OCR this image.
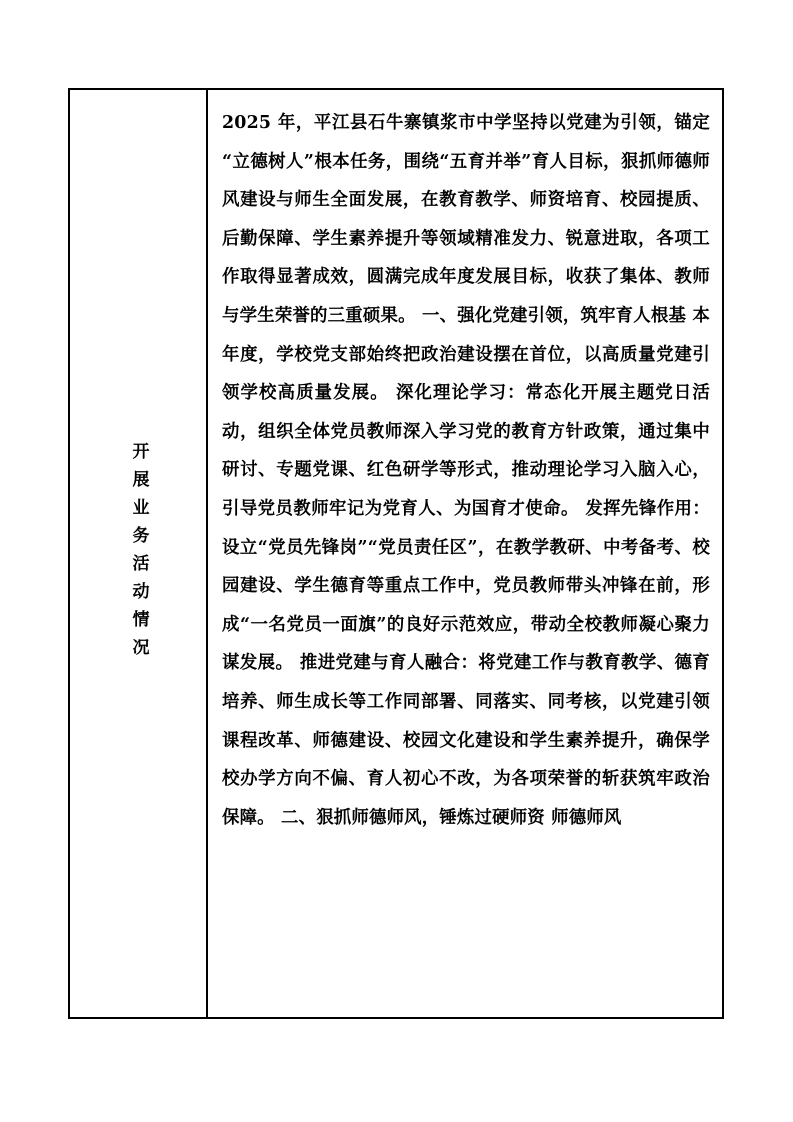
开展业务活动情况

2025 年，平江县石牛寨镇浆市中学坚持以党建为引领，锚定“立德树人”根本任务，围绕“五育并举”育人目标，狠抓师德师风建设与师生全面发展，在教育教学、师资培育、校园提质、后勤保障、学生素养提升等领域精准发力、锐意进取，各项工作取得显著成效，圆满完成年度发展目标，收获了集体、教师与学生荣誉的三重硕果。 一、强化党建引领，筑牢育人根基 本年度，学校党支部始终把政治建设摆在首位，以高质量党建引领学校高质量发展。 深化理论学习：常态化开展主题党日活动，组织全体党员教师深入学习党的教育方针政策，通过集中研讨、专题党课、红色研学等形式，推动理论学习入脑入心，引导党员教师牢记为党育人、为国育才使命。 发挥先锋作用：设立“党员先锋岗”“党员责任区”，在教学教研、中考备考、校园建设、学生德育等重点工作中，党员教师带头冲锋在前，形成“一名党员一面旗”的良好示范效应，带动全校教师凝心聚力谋发展。 推进党建与育人融合：将党建工作与教育教学、德育培养、师生成长等工作同部署、同落实、同考核，以党建引领课程改革、师德建设、校园文化建设和学生素养提升，确保学校办学方向不偏、育人初心不改，为各项荣誉的斩获筑牢政治保障。 二、狠抓师德师风，锤炼过硬师资 师德师风
